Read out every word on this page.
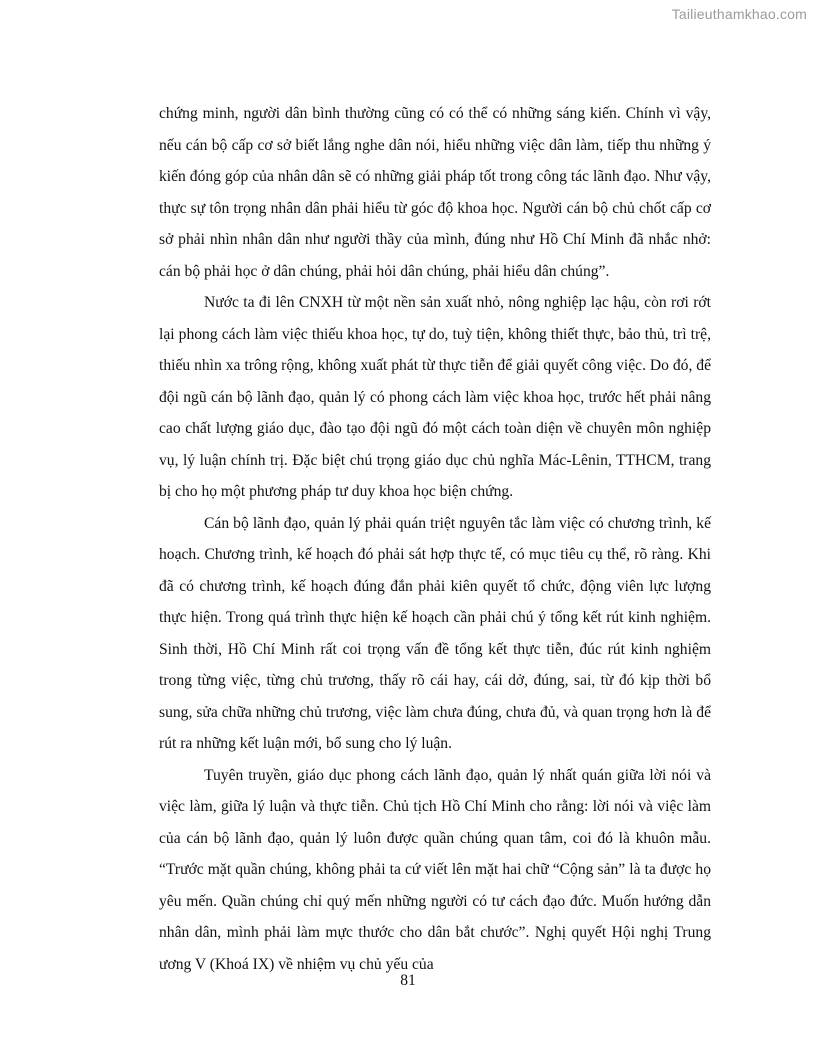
Tailieuthamkhao.com

chứng minh, người dân bình thường cũng có có thể có những sáng kiến. Chính vì vậy, nếu cán bộ cấp cơ sở biết lắng nghe dân nói, hiểu những việc dân làm, tiếp thu những ý kiến đóng góp của nhân dân sẽ có những giải pháp tốt trong công tác lãnh đạo. Như vậy, thực sự tôn trọng nhân dân phải hiểu từ góc độ khoa học. Người cán bộ chủ chốt cấp cơ sở phải nhìn nhân dân như người thầy của mình, đúng như Hồ Chí Minh đã nhắc nhở: cán bộ phải học ở dân chúng, phải hỏi dân chúng, phải hiểu dân chúng”.

Nước ta đi lên CNXH từ một nền sản xuất nhỏ, nông nghiệp lạc hậu, còn rơi rớt lại phong cách làm việc thiếu khoa học, tự do, tuỳ tiện, không thiết thực, bảo thủ, trì trệ, thiếu nhìn xa trông rộng, không xuất phát từ thực tiễn để giải quyết công việc. Do đó, để đội ngũ cán bộ lãnh đạo, quản lý có phong cách làm việc khoa học, trước hết phải nâng cao chất lượng giáo dục, đào tạo đội ngũ đó một cách toàn diện về chuyên môn nghiệp vụ, lý luận chính trị. Đặc biệt chú trọng giáo dục chủ nghĩa Mác-Lênin, TTHCM, trang bị cho họ một phương pháp tư duy khoa học biện chứng.

Cán bộ lãnh đạo, quản lý phải quán triệt nguyên tắc làm việc có chương trình, kế hoạch. Chương trình, kế hoạch đó phải sát hợp thực tế, có mục tiêu cụ thể, rõ ràng. Khi đã có chương trình, kế hoạch đúng đắn phải kiên quyết tổ chức, động viên lực lượng thực hiện. Trong quá trình thực hiện kế hoạch cần phải chú ý tổng kết rút kinh nghiệm. Sinh thời, Hồ Chí Minh rất coi trọng vấn đề tổng kết thực tiễn, đúc rút kinh nghiệm trong từng việc, từng chủ trương, thấy rõ cái hay, cái dở, đúng, sai, từ đó kịp thời bổ sung, sửa chữa những chủ trương, việc làm chưa đúng, chưa đủ, và quan trọng hơn là để rút ra những kết luận mới, bổ sung cho lý luận.

Tuyên truyền, giáo dục phong cách lãnh đạo, quản lý nhất quán giữa lời nói và việc làm, giữa lý luận và thực tiễn. Chủ tịch Hồ Chí Minh cho rằng: lời nói và việc làm của cán bộ lãnh đạo, quản lý luôn được quần chúng quan tâm, coi đó là khuôn mẫu. “Trước mặt quần chúng, không phải ta cứ viết lên mặt hai chữ “Cộng sản” là ta được họ yêu mến. Quần chúng chỉ quý mến những người có tư cách đạo đức. Muốn hướng dẫn nhân dân, mình phải làm mực thước cho dân bắt chước”. Nghị quyết Hội nghị Trung ương V (Khoá IX) về nhiệm vụ chủ yếu của

81
